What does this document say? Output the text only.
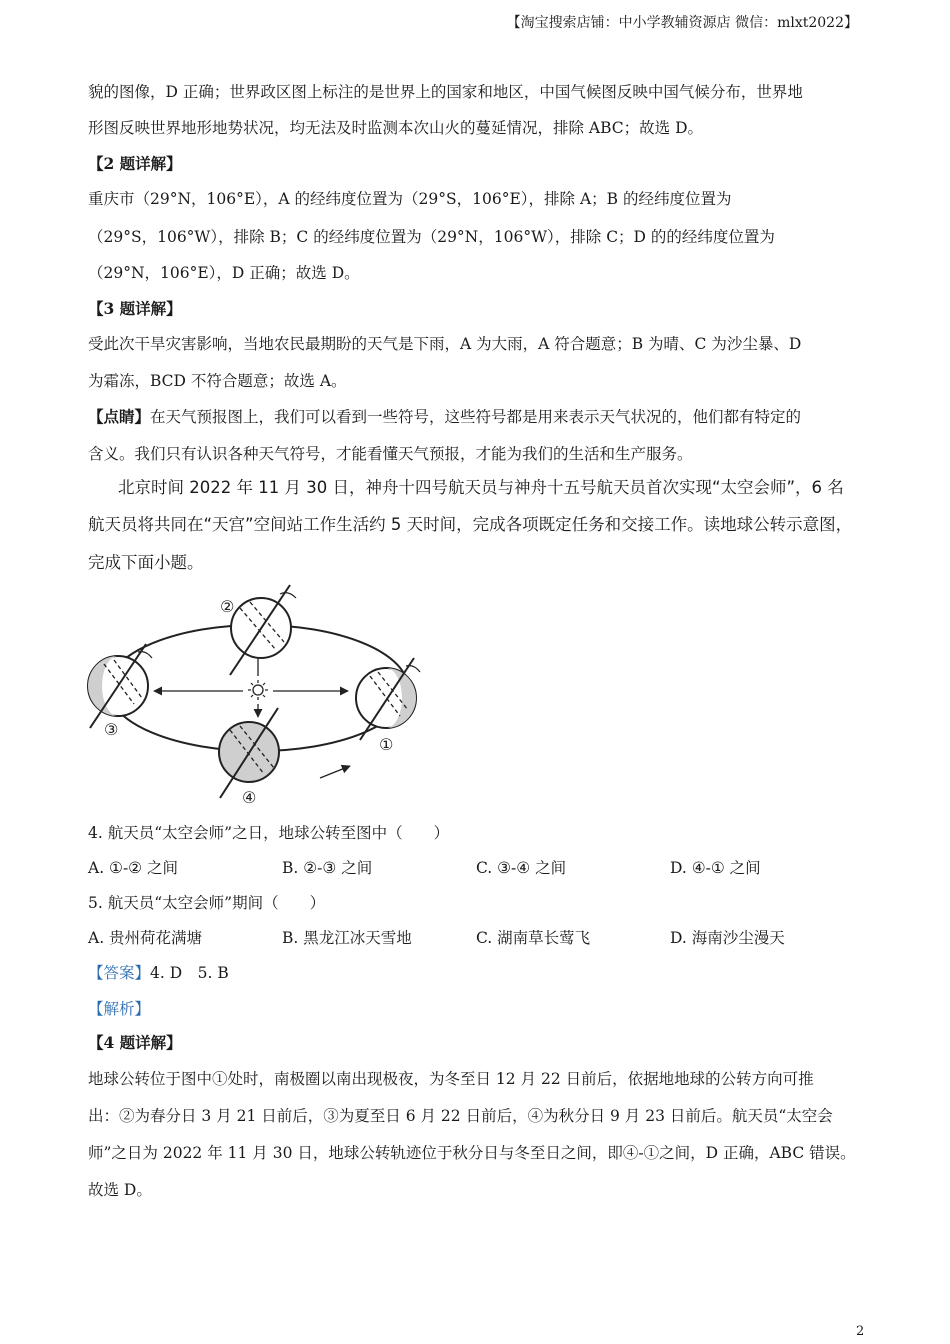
【淘宝搜索店铺：中小学教辅资源店 微信：mlxt2022】
貌的图像，D 正确；世界政区图上标注的是世界上的国家和地区，中国气候图反映中国气候分布，世界地
形图反映世界地形地势状况，均无法及时监测本次山火的蔓延情况，排除 ABC；故选 D。
【2 题详解】
重庆市（29°N，106°E），A 的经纬度位置为（29°S，106°E），排除 A；B 的经纬度位置为
（29°S，106°W），排除 B；C 的经纬度位置为（29°N，106°W），排除 C；D 的的经纬度位置为
（29°N，106°E），D 正确；故选 D。
【3 题详解】
受此次干旱灾害影响，当地农民最期盼的天气是下雨，A 为大雨，A 符合题意；B 为晴、C 为沙尘暴、D
为霜冻，BCD 不符合题意；故选 A。
【点睛】在天气预报图上，我们可以看到一些符号，这些符号都是用来表示天气状况的，他们都有特定的
含义。我们只有认识各种天气符号，才能看懂天气预报，才能为我们的生活和生产服务。
北京时间 2022 年 11 月 30 日，神舟十四号航天员与神舟十五号航天员首次实现“太空会师”，6 名
航天员将共同在“天宫”空间站工作生活约 5 天时间，完成各项既定任务和交接工作。读地球公转示意图，
完成下面小题。
②
③
①
④
4. 航天员“太空会师”之日，地球公转至图中（　　）
A. ①-② 之间	B. ②-③ 之间	C. ③-④ 之间	D. ④-① 之间
5. 航天员“太空会师”期间（　　）
A. 贵州荷花满塘	B. 黑龙江冰天雪地	C. 湖南草长莺飞	D. 海南沙尘漫天
【答案】4. D　5. B
【解析】
【4 题详解】
地球公转位于图中①处时，南极圈以南出现极夜，为冬至日 12 月 22 日前后，依据地地球的公转方向可推
出：②为春分日 3 月 21 日前后，③为夏至日 6 月 22 日前后，④为秋分日 9 月 23 日前后。航天员“太空会
师”之日为 2022 年 11 月 30 日，地球公转轨迹位于秋分日与冬至日之间，即④-①之间，D 正确，ABC 错误。
故选 D。
2
